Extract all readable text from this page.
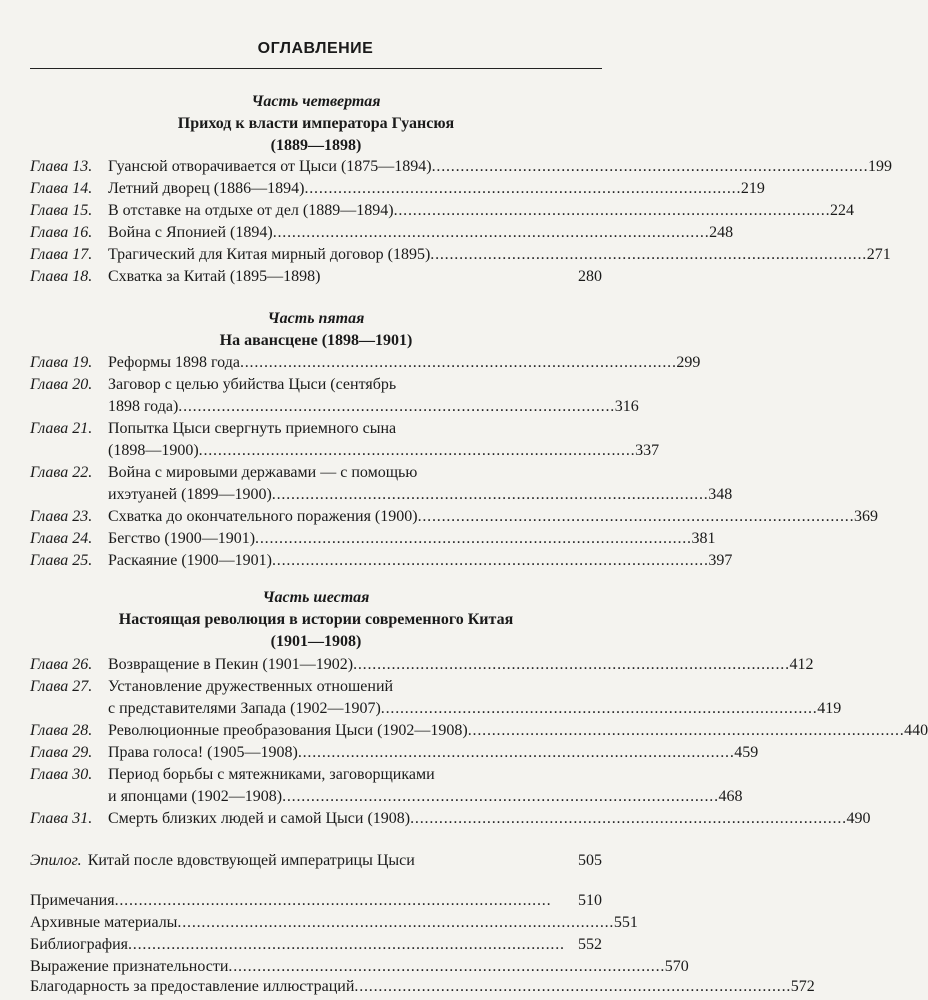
ОГЛАВЛЕНИЕ
Часть четвертая
Приход к власти императора Гуансюя
(1889—1898)
Глава 13. Гуансюй отворачивается от Цыси (1875—1894) . . .	199
Глава 14. Летний дворец (1886—1894) . . .	219
Глава 15. В отставке на отдыхе от дел (1889—1894) . . .	224
Глава 16. Война с Японией (1894) . . .	248
Глава 17. Трагический для Китая мирный договор (1895) . . .	271
Глава 18. Схватка за Китай (1895—1898)	280
Часть пятая
На авансцене (1898—1901)
Глава 19. Реформы 1898 года . . .	299
Глава 20. Заговор с целью убийства Цыси (сентябрь
1898 года) . . .	316
Глава 21. Попытка Цыси свергнуть приемного сына
(1898—1900) . . .	337
Глава 22. Война с мировыми державами — с помощью
ихэтуаней (1899—1900) . . .	348
Глава 23. Схватка до окончательного поражения (1900) . . .	369
Глава 24. Бегство (1900—1901) . . .	381
Глава 25. Раскаяние (1900—1901) . . .	397
Часть шестая
Настоящая революция в истории современного Китая
(1901—1908)
Глава 26. Возвращение в Пекин (1901—1902) . . .	412
Глава 27. Установление дружественных отношений
с представителями Запада (1902—1907) . . .	419
Глава 28. Революционные преобразования Цыси (1902—1908) . . .	440
Глава 29. Права голоса! (1905—1908) . . .	459
Глава 30. Период борьбы с мятежниками, заговорщиками
и японцами (1902—1908) . . .	468
Глава 31. Смерть близких людей и самой Цыси (1908) . . .	490
Эпилог. Китай после вдовствующей императрицы Цыси	505
Примечания . . .	510
Архивные материалы . . .	551
Библиография . . .	552
Выражение признательности . . .	570
Благодарность за предоставление иллюстраций . . .	572
